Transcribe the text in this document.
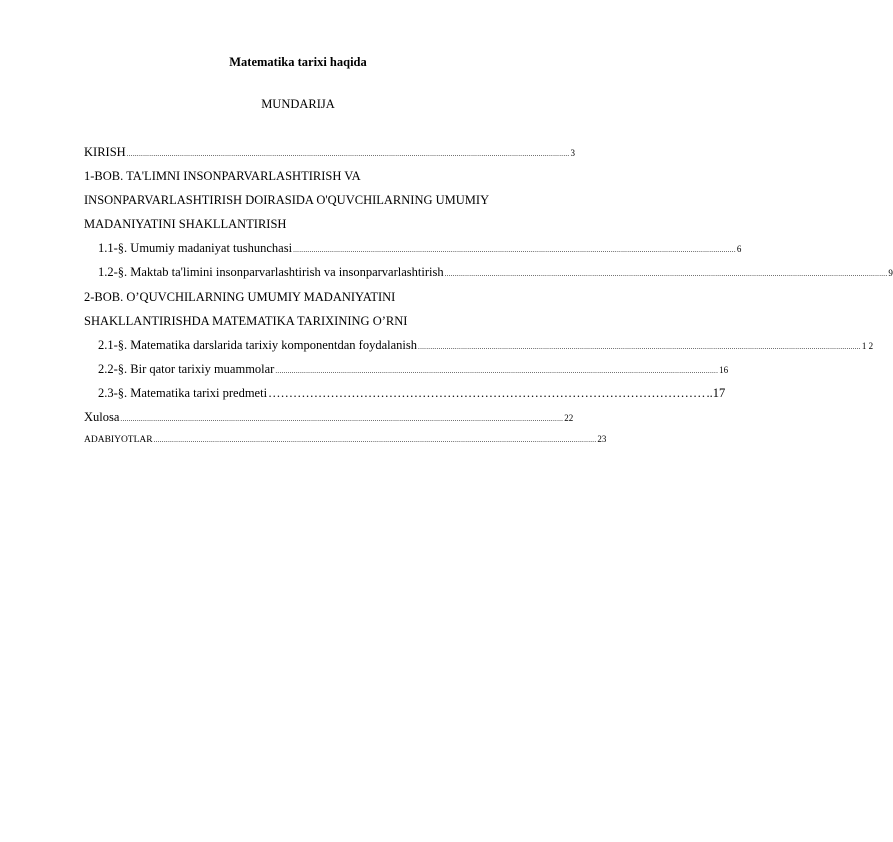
Matematika tarixi haqida
MUNDARIJA
KIRISH ........................................................................................................................................................................................................................ 3
1-BOB. TA'LIMNI INSONPARVARLASHTIRISH VA
INSONPARVARLASHTIRISH DOIRASIDA O'QUVCHILARNING UMUMIY
MADANIYATINI SHAKLLANTIRISH
1.1-§. Umumiy madaniyat tushunchasi ........................................................................................................................................................................................................................ 6
1.2-§. Maktab ta'limini insonparvarlashtirish va insonparvarlashtirish ........................................................................................................................................................................................................................ 9
2-BOB. O’QUVCHILARNING UMUMIY MADANIYATINI
SHAKLLANTIRISHDA MATEMATIKA TARIXINING O’RNI
2.1-§. Matematika darslarida tarixiy komponentdan foydalanish ........................................................................................................................................................................................................................ 1 2
2.2-§. Bir qator tarixiy muammolar ........................................................................................................................................................................................................................ 16
2.3-§. Matematika tarixi predmeti …………………………………………………………………………………………… ..17
Xulosa ........................................................................................................................................................................................................................ 22
ADABIYOTLAR ........................................................................................................................................................................................................................ 23
